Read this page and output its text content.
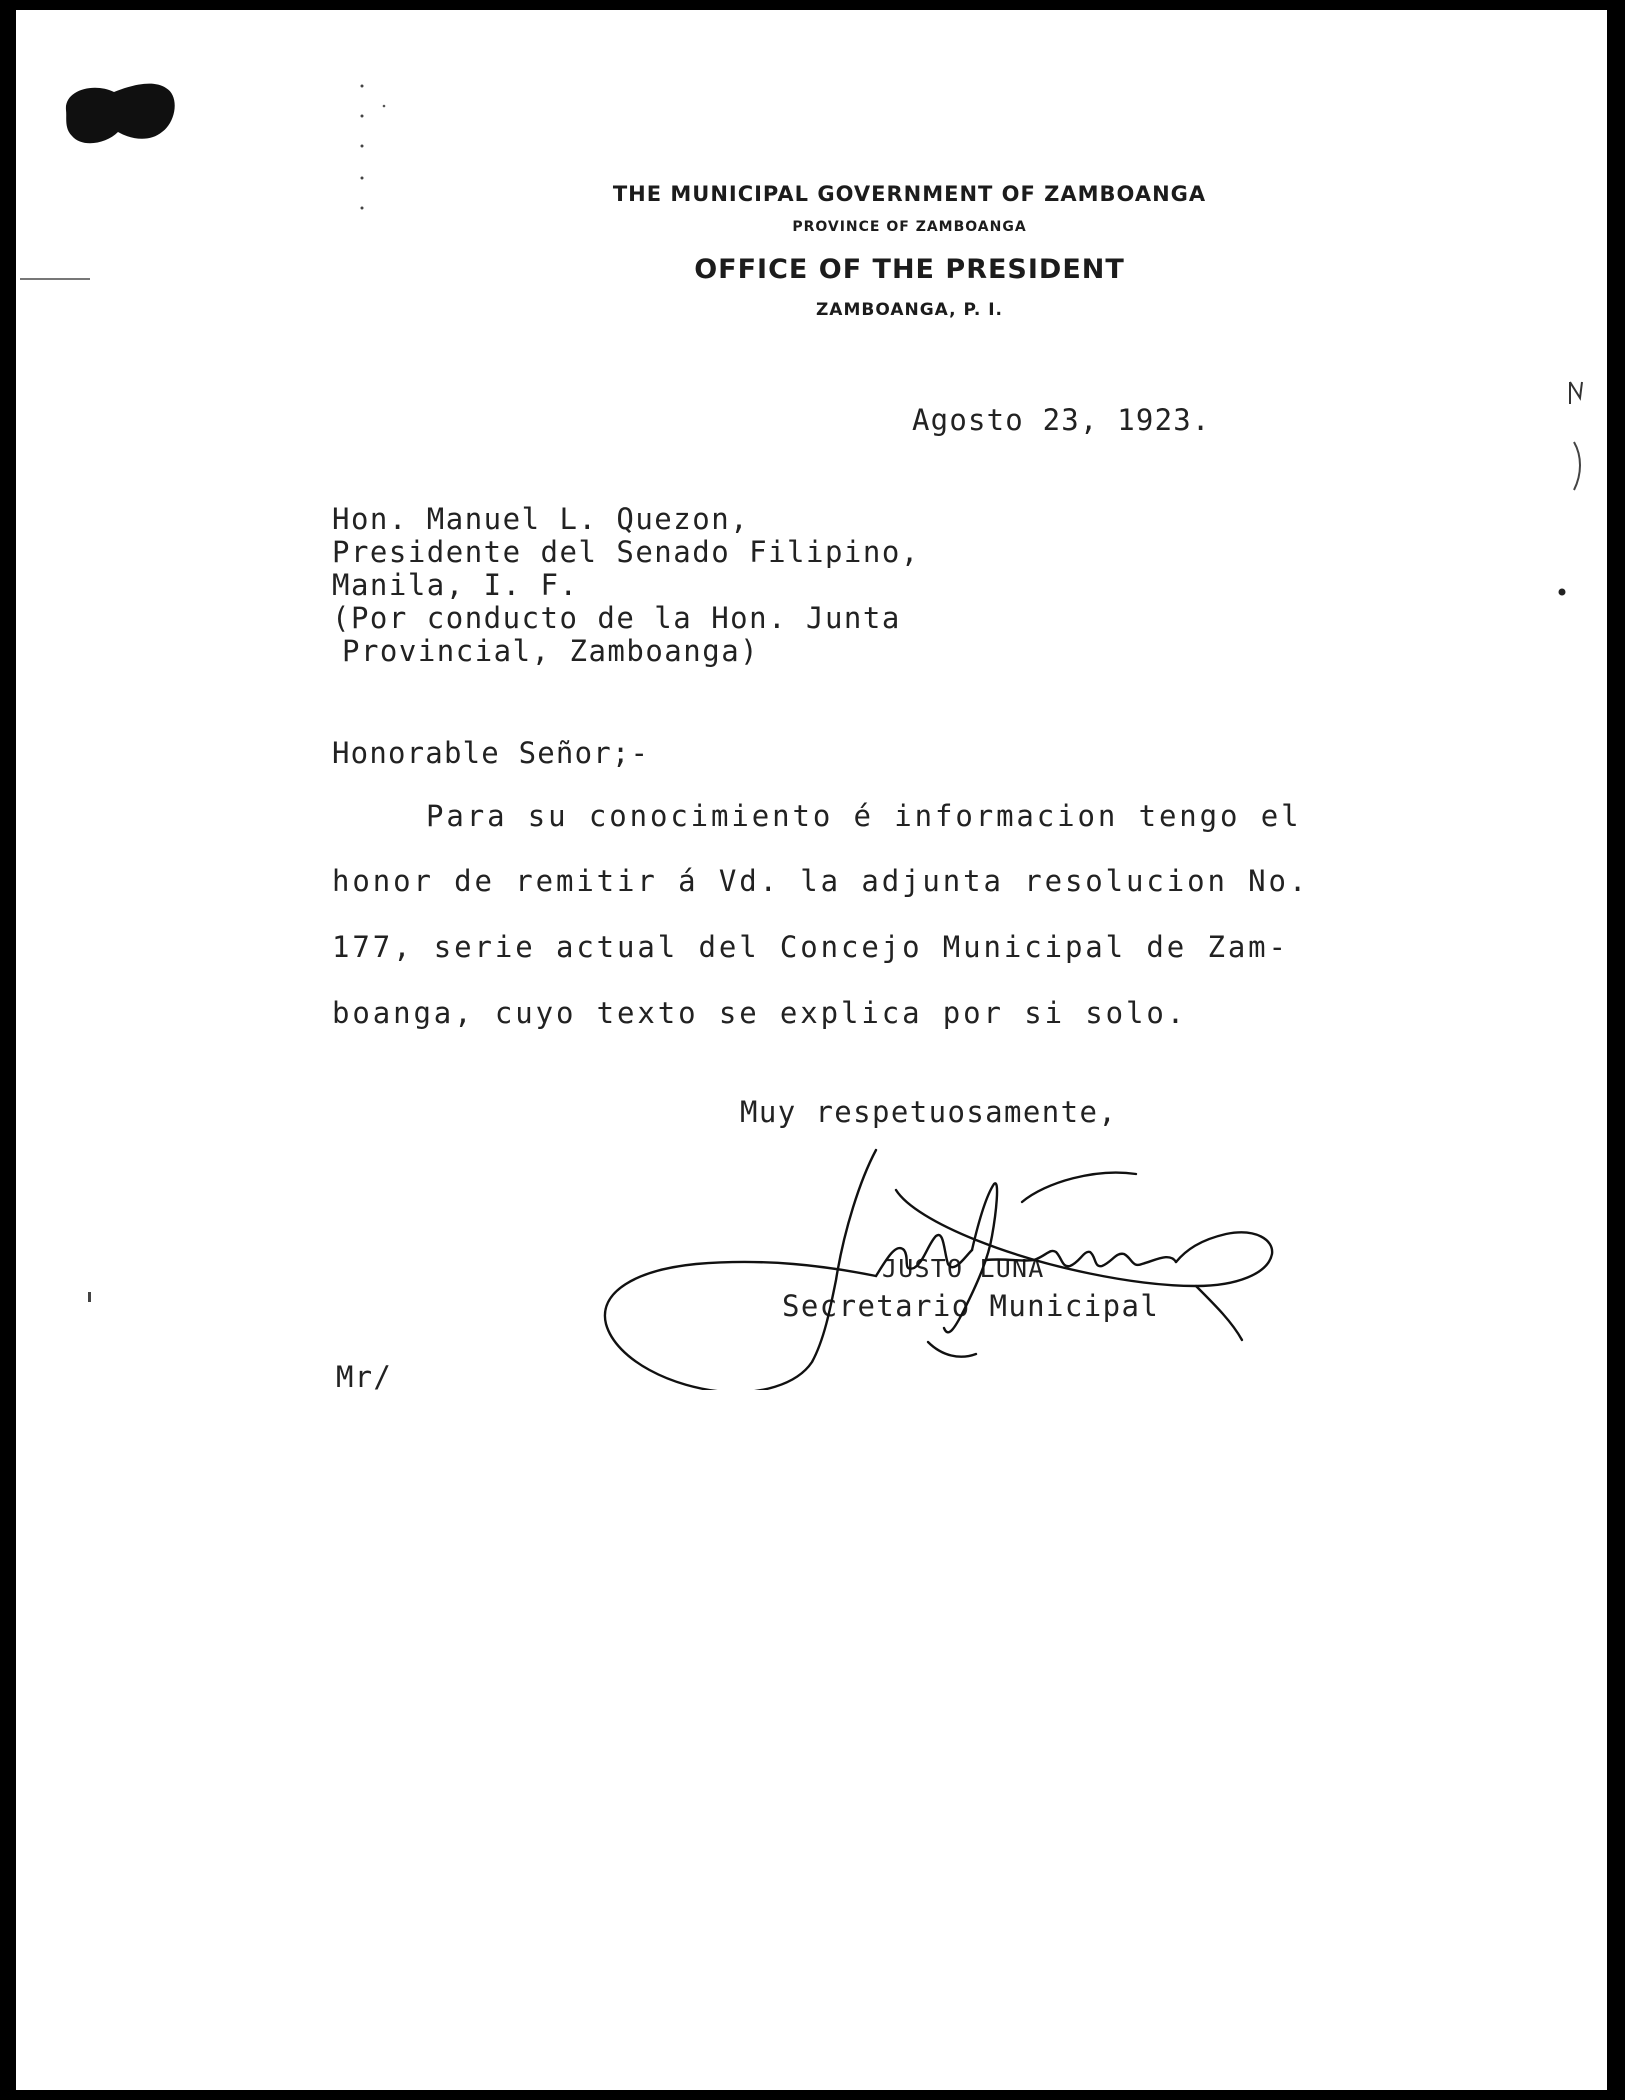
THE MUNICIPAL GOVERNMENT OF ZAMBOANGA
PROVINCE OF ZAMBOANGA
OFFICE OF THE PRESIDENT
ZAMBOANGA, P. I.
Agosto 23, 1923.
Hon. Manuel L. Quezon,
Presidente del Senado Filipino,
Manila, I. F.
(Por conducto de la Hon. Junta
Provincial, Zamboanga)
Honorable Señor;-
Para su conocimiento é informacion tengo el
honor de remitir á Vd. la adjunta resolucion No.
177, serie actual del Concejo Municipal de Zam-
boanga, cuyo texto se explica por si solo.
Muy respetuosamente,
JUSTO LUNA
Secretario Municipal
Mr/
